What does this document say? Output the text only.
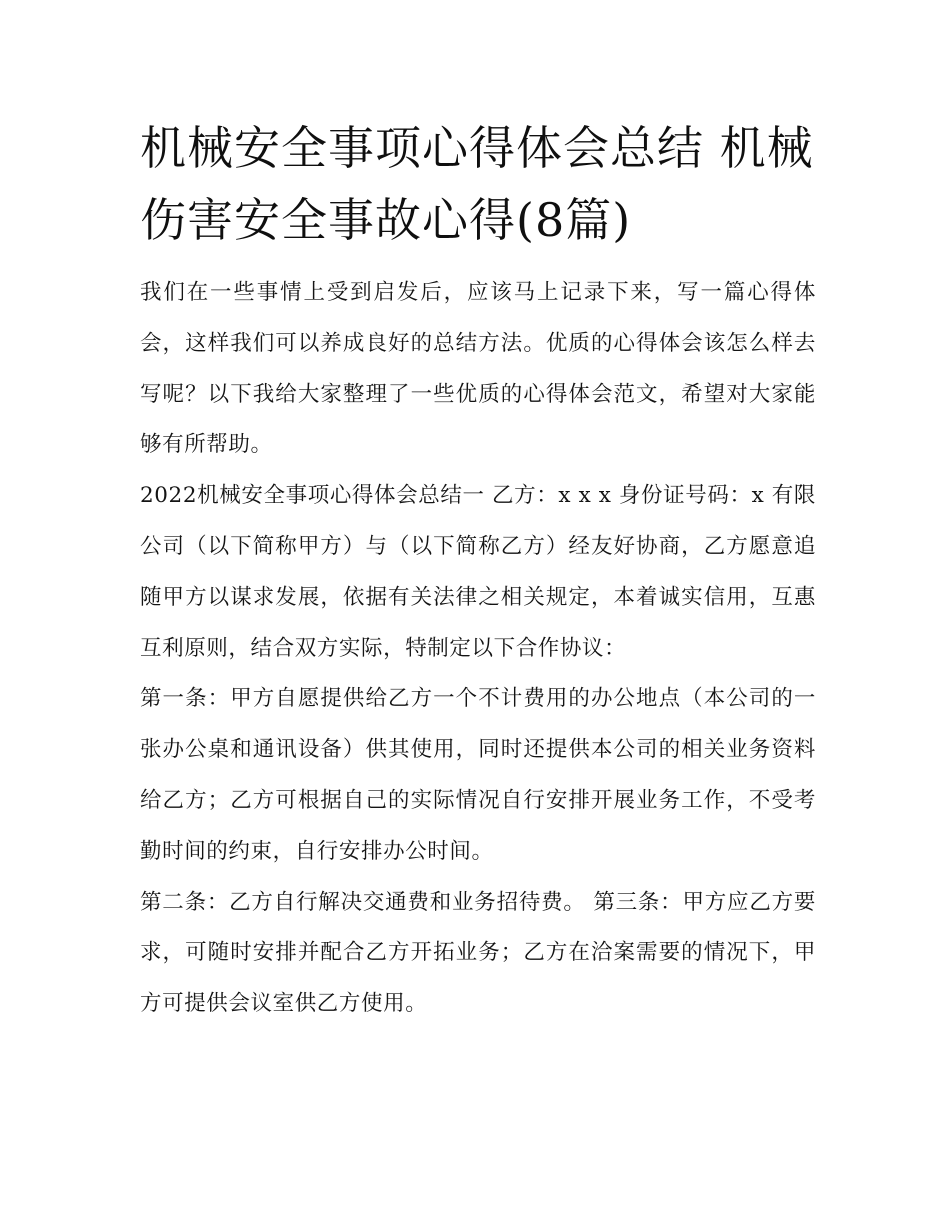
机械安全事项心得体会总结 机械伤害安全事故心得(8篇)

我们在一些事情上受到启发后，应该马上记录下来，写一篇心得体会，这样我们可以养成良好的总结方法。优质的心得体会该怎么样去写呢？以下我给大家整理了一些优质的心得体会范文，希望对大家能够有所帮助。

2022机械安全事项心得体会总结一 乙方：x x x 身份证号码：x 有限公司（以下简称甲方）与（以下简称乙方）经友好协商，乙方愿意追随甲方以谋求发展，依据有关法律之相关规定，本着诚实信用，互惠互利原则，结合双方实际，特制定以下合作协议：

第一条：甲方自愿提供给乙方一个不计费用的办公地点（本公司的一张办公桌和通讯设备）供其使用，同时还提供本公司的相关业务资料给乙方；乙方可根据自己的实际情况自行安排开展业务工作，不受考勤时间的约束，自行安排办公时间。

第二条：乙方自行解决交通费和业务招待费。 第三条：甲方应乙方要求，可随时安排并配合乙方开拓业务；乙方在洽案需要的情况下，甲方可提供会议室供乙方使用。
